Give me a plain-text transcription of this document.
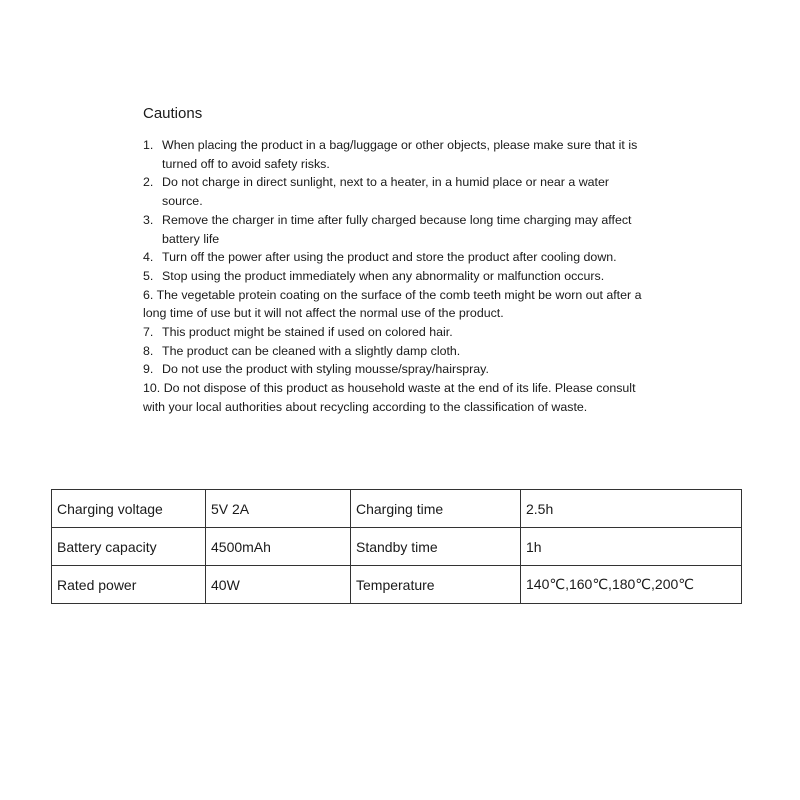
Cautions
1. When placing the product in a bag/luggage or other objects, please make sure that it is turned off to avoid safety risks.
2. Do not charge in direct sunlight, next to a heater, in a humid place or near a water source.
3. Remove the charger in time after fully charged because long time charging may affect battery life
4. Turn off the power after using the product and store the product after cooling down.
5. Stop using the product immediately when any abnormality or malfunction occurs.
6. The vegetable protein coating on the surface of the comb teeth might be worn out after a long time of use but it will not affect the normal use of the product.
7. This product might be stained if used on colored hair.
8. The product can be cleaned with a slightly damp cloth.
9. Do not use the product with styling mousse/spray/hairspray.
10. Do not dispose of this product as household waste at the end of its life. Please consult with your local authorities about recycling according to the classification of waste.
Charging voltage	5V 2A	Charging time	2.5h
Battery capacity	4500mAh	Standby time	1h
Rated power	40W	Temperature	140℃,160℃,180℃,200℃
